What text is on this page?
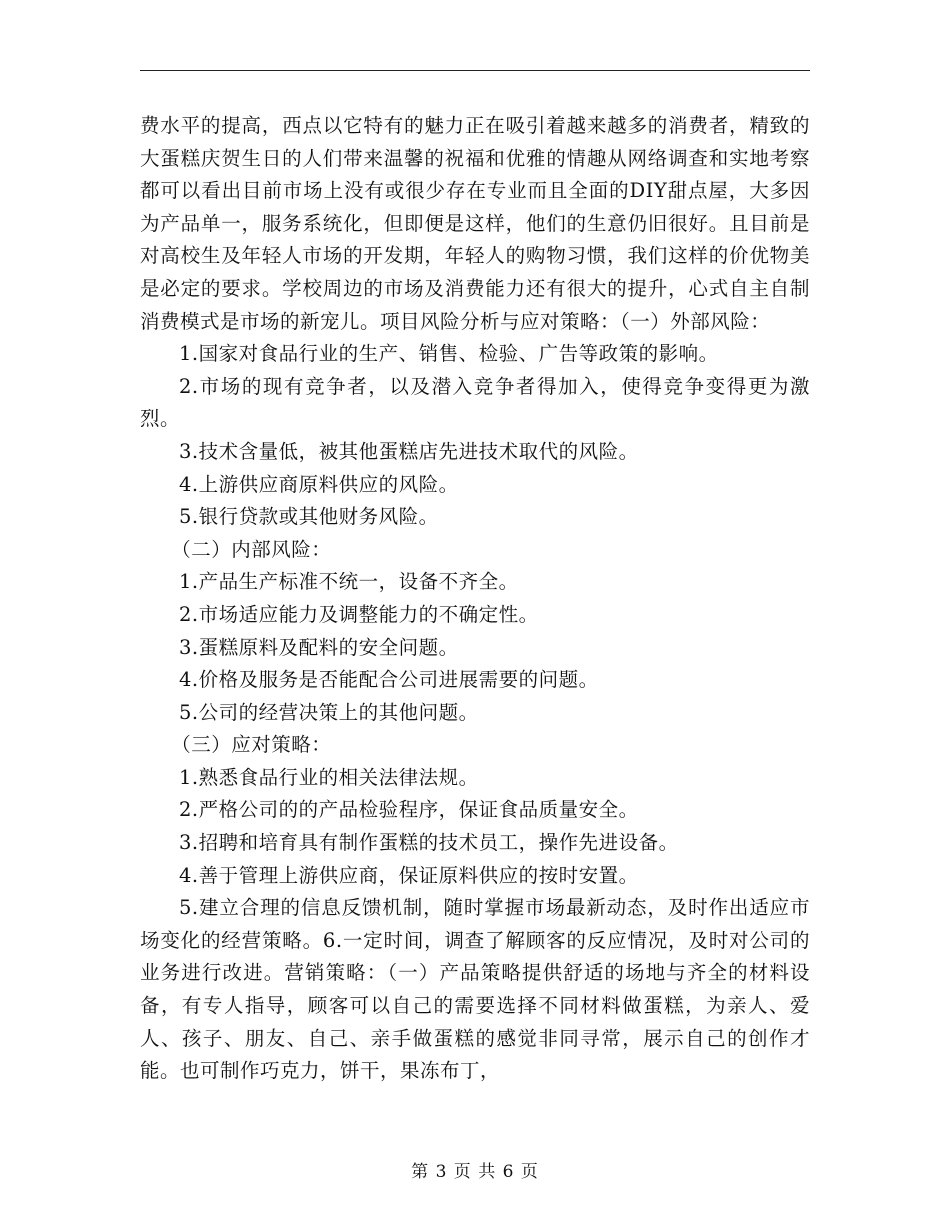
费水平的提高，西点以它特有的魅力正在吸引着越来越多的消费者，精致的大蛋糕庆贺生日的人们带来温馨的祝福和优雅的情趣从网络调查和实地考察都可以看出目前市场上没有或很少存在专业而且全面的DIY甜点屋，大多因为产品单一，服务系统化，但即便是这样，他们的生意仍旧很好。且目前是对高校生及年轻人市场的开发期，年轻人的购物习惯，我们这样的价优物美是必定的要求。学校周边的市场及消费能力还有很大的提升，心式自主自制消费模式是市场的新宠儿。项目风险分析与应对策略：（一）外部风险：

1.国家对食品行业的生产、销售、检验、广告等政策的影响。

2.市场的现有竞争者，以及潜入竞争者得加入，使得竞争变得更为激烈。

3.技术含量低，被其他蛋糕店先进技术取代的风险。

4.上游供应商原料供应的风险。

5.银行贷款或其他财务风险。

（二）内部风险：

1.产品生产标准不统一，设备不齐全。

2.市场适应能力及调整能力的不确定性。

3.蛋糕原料及配料的安全问题。

4.价格及服务是否能配合公司进展需要的问题。

5.公司的经营决策上的其他问题。

（三）应对策略：

1.熟悉食品行业的相关法律法规。

2.严格公司的的产品检验程序，保证食品质量安全。

3.招聘和培育具有制作蛋糕的技术员工，操作先进设备。

4.善于管理上游供应商，保证原料供应的按时安置。

5.建立合理的信息反馈机制，随时掌握市场最新动态，及时作出适应市场变化的经营策略。6.一定时间，调查了解顾客的反应情况，及时对公司的业务进行改进。营销策略：（一）产品策略提供舒适的场地与齐全的材料设备，有专人指导，顾客可以自己的需要选择不同材料做蛋糕，为亲人、爱人、孩子、朋友、自己、亲手做蛋糕的感觉非同寻常，展示自己的创作才能。也可制作巧克力，饼干，果冻布丁，

第 3 页 共 6 页
